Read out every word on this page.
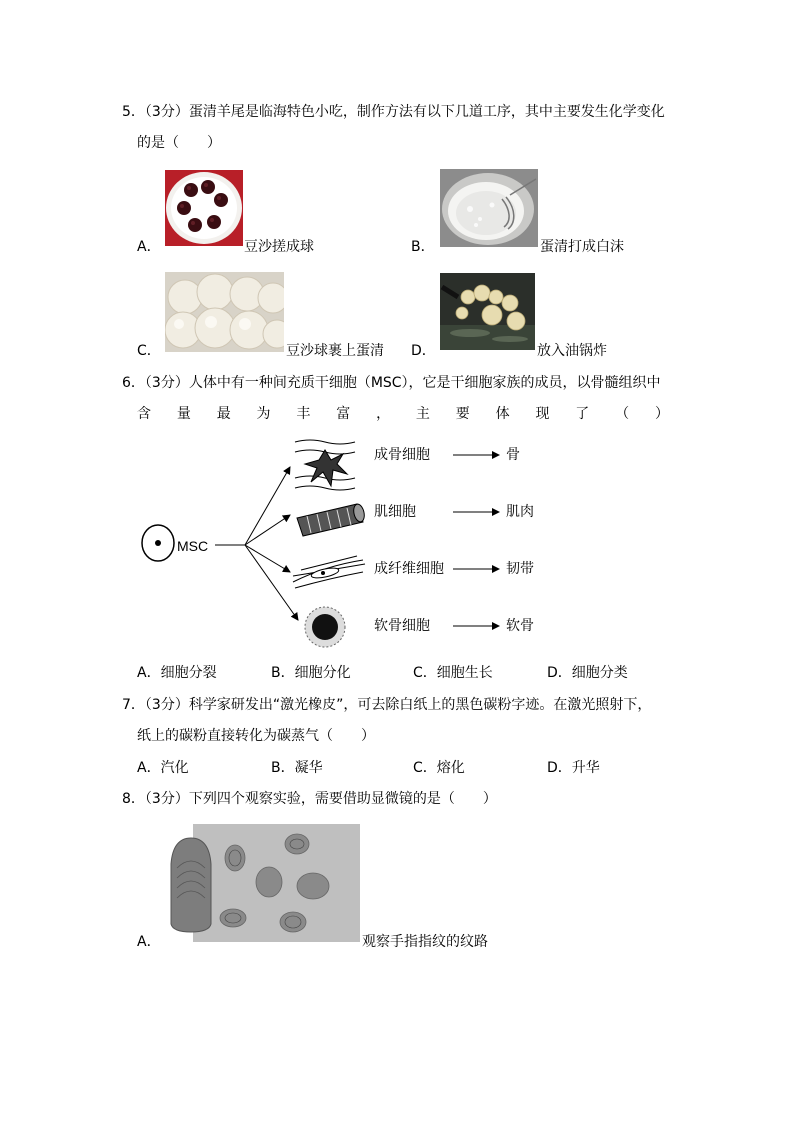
5．（3分）蛋清羊尾是临海特色小吃，制作方法有以下几道工序，其中主要发生化学变化
的是（　　）
A．	豆沙搓成球	B．	蛋清打成白沫
C．	豆沙球裹上蛋清 D．	放入油锅炸
6．（3分）人体中有一种间充质干细胞（MSC），它是干细胞家族的成员，以骨髓组织中
含 量 最 为 丰 富 ， 主 要 体 现 了 （ ）
MSC
成骨细胞	骨
肌细胞	肌肉
成纤维细胞	韧带
软骨细胞	软骨
A．细胞分裂	B．细胞分化	C．细胞生长	D．细胞分类
7．（3分）科学家研发出“激光橡皮”，可去除白纸上的黑色碳粉字迹。在激光照射下，
纸上的碳粉直接转化为碳蒸气（　　）
A．汽化	B．凝华	C．熔化	D．升华
8．（3分）下列四个观察实验，需要借助显微镜的是（　　）
A．	观察手指指纹的纹路
